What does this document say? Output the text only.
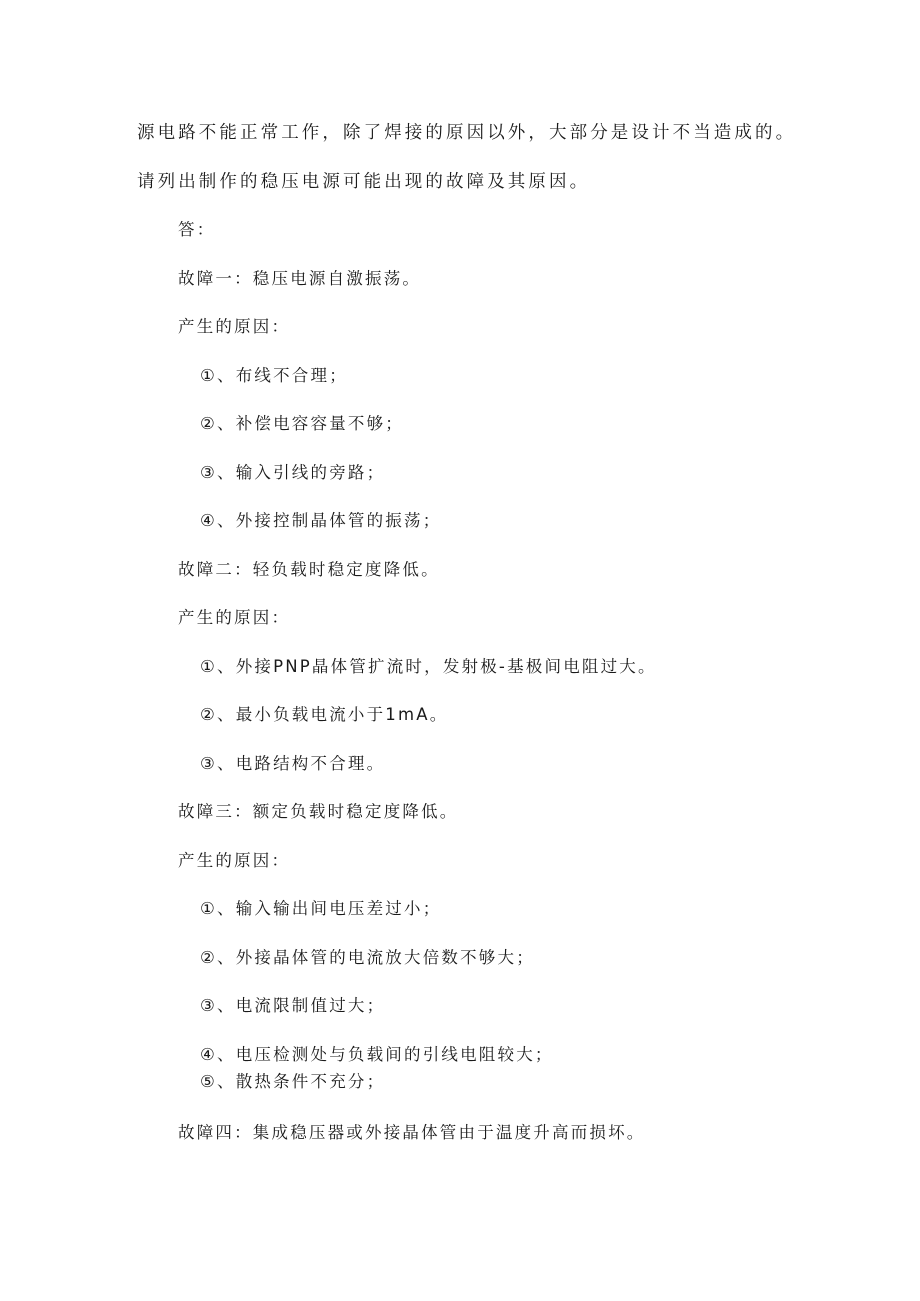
源电路不能正常工作，除了焊接的原因以外，大部分是设计不当造成的。
请列出制作的稳压电源可能出现的故障及其原因。
答：
故障一：稳压电源自激振荡。
产生的原因：
①、布线不合理；
②、补偿电容容量不够；
③、输入引线的旁路；
④、外接控制晶体管的振荡；
故障二：轻负载时稳定度降低。
产生的原因：
①、外接PNP晶体管扩流时，发射极-基极间电阻过大。
②、最小负载电流小于1mA。
③、电路结构不合理。
故障三：额定负载时稳定度降低。
产生的原因：
①、输入输出间电压差过小；
②、外接晶体管的电流放大倍数不够大；
③、电流限制值过大；
④、电压检测处与负载间的引线电阻较大；
⑤、散热条件不充分；
故障四：集成稳压器或外接晶体管由于温度升高而损坏。
